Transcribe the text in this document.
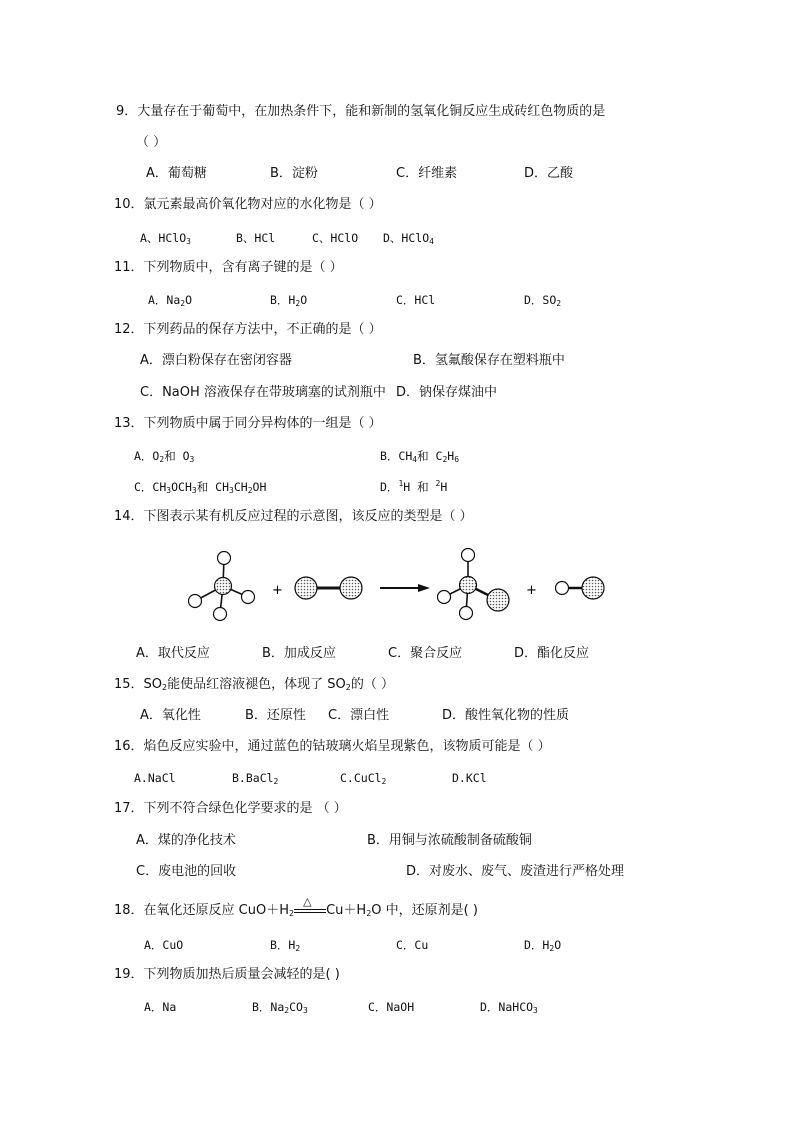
9．大量存在于葡萄中，在加热条件下，能和新制的氢氧化铜反应生成砖红色物质的是
（ ）
A．葡萄糖	B．淀粉	C．纤维素	D．乙酸
10．氯元素最高价氧化物对应的水化物是（ ）
A、HClO$_3$	B、HCl	C、HClO D、HClO$_4$
11．下列物质中，含有离子键的是（ ）
A．$Na_2O$	B．$H_2O$	C．HCl	D．$SO_2$
12．下列药品的保存方法中，不正确的是（ ）
A．漂白粉保存在密闭容器	B．氢氟酸保存在塑料瓶中
C．NaOH 溶液保存在带玻璃塞的试剂瓶中 D．钠保存煤油中
13．下列物质中属于同分异构体的一组是（ ）
A．$O_2$和 $O_3$	B．$CH_4$和 $C_2H_6$
C．$CH_3OCH_3$和 $CH_3CH_2OH$	D．$^1$H 和 $^2$H
14．下图表示某有机反应过程的示意图，该反应的类型是（ ）
+	+
A．取代反应	B．加成反应	C．聚合反应	D．酯化反应
15．$SO_2$能使品红溶液褪色，体现了 $SO_2$的（ ）
A．氧化性	B．还原性 C．漂白性	D．酸性氧化物的性质
16．焰色反应实验中，通过蓝色的钴玻璃火焰呈现紫色，该物质可能是（ ）
A.NaCl	B.BaCl$_2$	C.CuCl$_2$	D.KCl
17．下列不符合绿色化学要求的是 （ ）
A．煤的净化技术	B．用铜与浓硫酸制备硫酸铜
C．废电池的回收	D．对废水、废气、废渣进行严格处理
18．在氧化还原反应 $CuO+H_2$
△
$Cu+H_2O$ 中，还原剂是( )
A．CuO	B．$H_2$	C．Cu	D．$H_2O$
19．下列物质加热后质量会减轻的是( )
A．Na	B．$Na_2CO_3$	C．NaOH	D．NaHCO$_3$
